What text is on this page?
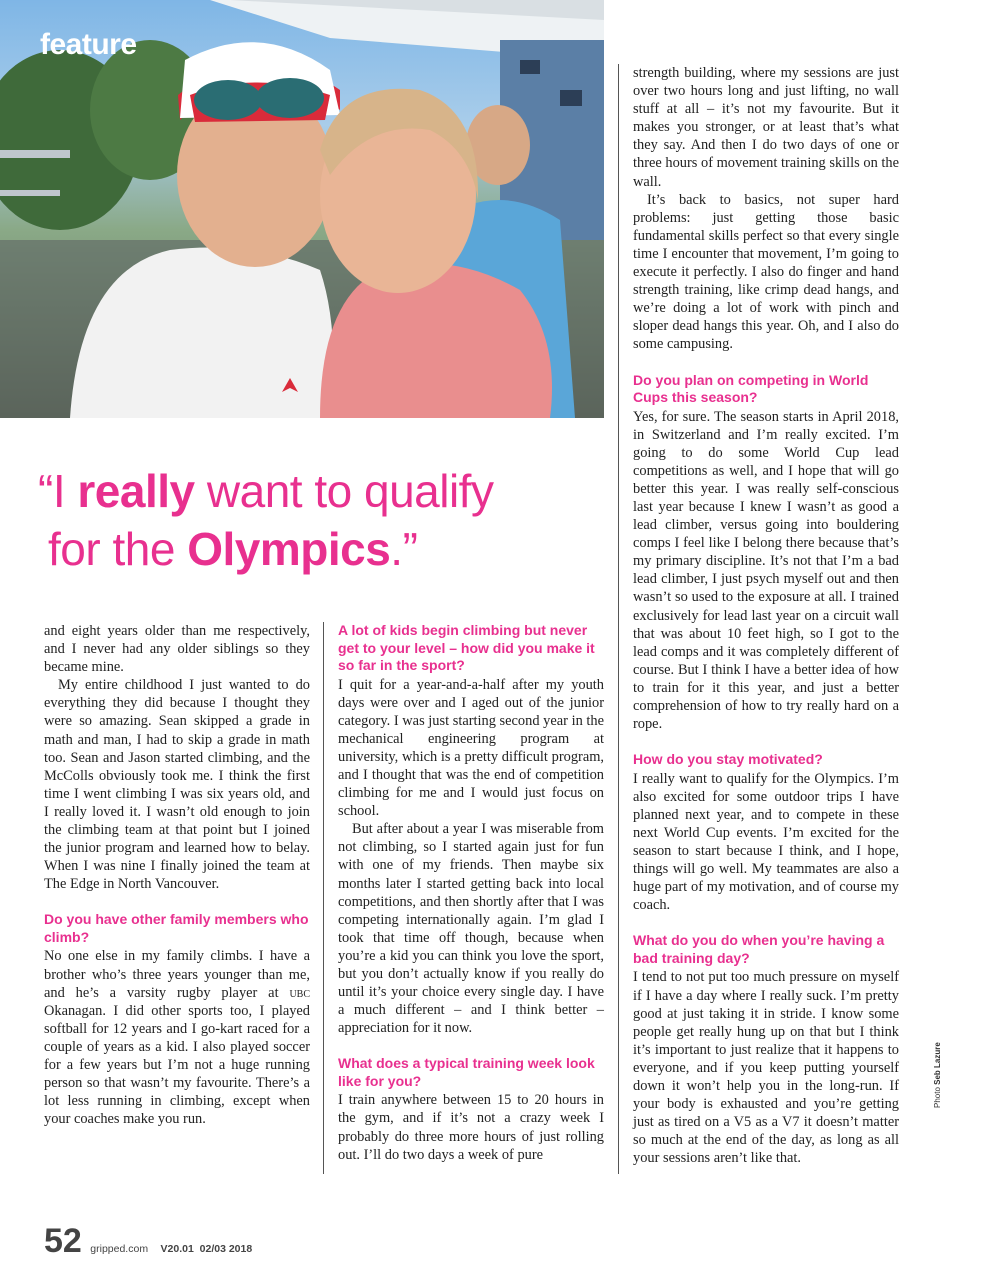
feature
“I really want to qualify
for the Olympics.”

and eight years older than me respectively, and I never had any older siblings so they became mine.

My entire childhood I just wanted to do everything they did because I thought they were so amazing. Sean skipped a grade in math and man, I had to skip a grade in math too. Sean and Jason started climbing, and the McColls obviously took me. I think the first time I went climbing I was six years old, and I really loved it. I wasn’t old enough to join the climbing team at that point but I joined the junior program and learned how to belay. When I was nine I finally joined the team at The Edge in North Vancouver.

Do you have other family members who climb?

No one else in my family climbs. I have a brother who’s three years younger than me, and he’s a varsity rugby player at ubc Okanagan. I did other sports too, I played softball for 12 years and I go-kart raced for a couple of years as a kid. I also played soccer for a few years but I’m not a huge running person so that wasn’t my favourite. There’s a lot less running in climbing, except when your coaches make you run.

A lot of kids begin climbing but never get to your level – how did you make it so far in the sport?

I quit for a year-and-a-half after my youth days were over and I aged out of the junior category. I was just starting second year in the mechanical engineering program at university, which is a pretty difficult program, and I thought that was the end of competition climbing for me and I would just focus on school.

But after about a year I was miserable from not climbing, so I started again just for fun with one of my friends. Then maybe six months later I started getting back into local competitions, and then shortly after that I was competing internationally again. I’m glad I took that time off though, because when you’re a kid you can think you love the sport, but you don’t actually know if you really do until it’s your choice every single day. I have a much different – and I think better – appreciation for it now.

What does a typical training week look like for you?

I train anywhere between 15 to 20 hours in the gym, and if it’s not a crazy week I probably do three more hours of just rolling out. I’ll do two days a week of pure

strength building, where my sessions are just over two hours long and just lifting, no wall stuff at all – it’s not my favourite. But it makes you stronger, or at least that’s what they say. And then I do two days of one or three hours of movement training skills on the wall.

It’s back to basics, not super hard problems: just getting those basic fundamental skills perfect so that every single time I encounter that movement, I’m going to execute it perfectly. I also do finger and hand strength training, like crimp dead hangs, and we’re doing a lot of work with pinch and sloper dead hangs this year. Oh, and I also do some campusing.

Do you plan on competing in World Cups this season?

Yes, for sure. The season starts in April 2018, in Switzerland and I’m really excited. I’m going to do some World Cup lead competitions as well, and I hope that will go better this year. I was really self-conscious last year because I knew I wasn’t as good a lead climber, versus going into bouldering comps I feel like I belong there because that’s my primary discipline. It’s not that I’m a bad lead climber, I just psych myself out and then wasn’t so used to the exposure at all. I trained exclusively for lead last year on a circuit wall that was about 10 feet high, so I got to the lead comps and it was completely different of course. But I think I have a better idea of how to train for it this year, and just a better comprehension of how to try really hard on a rope.

How do you stay motivated?

I really want to qualify for the Olympics. I’m also excited for some outdoor trips I have planned next year, and to compete in these next World Cup events. I’m excited for the season to start because I think, and I hope, things will go well. My teammates are also a huge part of my motivation, and of course my coach.

What do you do when you’re having a bad training day?

I tend to not put too much pressure on myself if I have a day where I really suck. I’m pretty good at just taking it in stride. I know some people get really hung up on that but I think it’s important to just realize that it happens to everyone, and if you keep putting yourself down it won’t help you in the long-run. If your body is exhausted and you’re getting just as tired on a V5 as a V7 it doesn’t matter so much at the end of the day, as long as all your sessions aren’t like that.

Photo Seb Lazure
52 gripped.com V20.01 02/03 2018
